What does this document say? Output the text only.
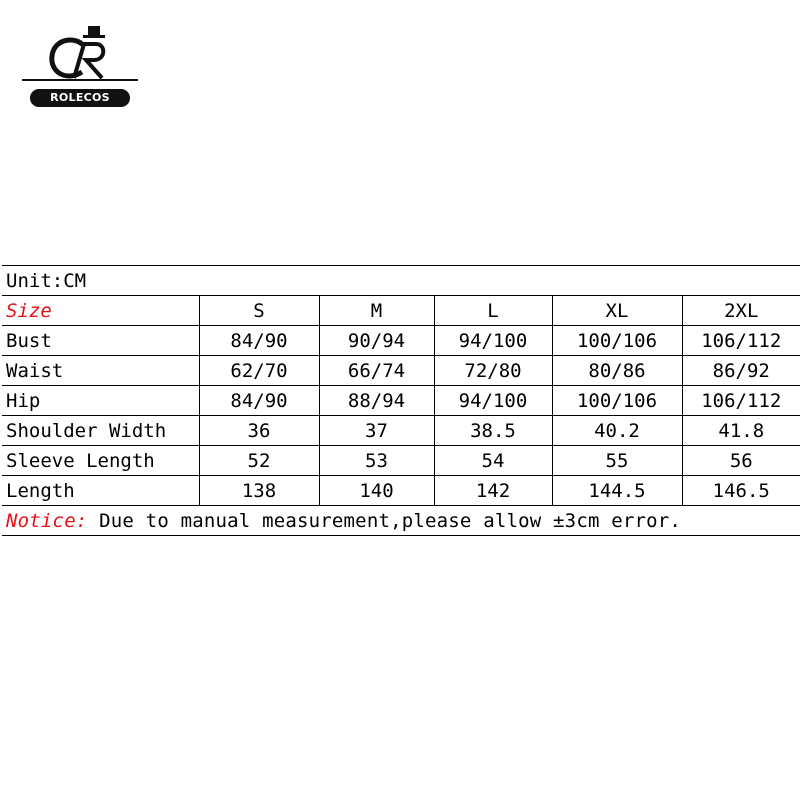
ROLECOS
Unit:CM					
Size	S	M	L	XL	2XL
Bust	84/90	90/94	94/100	100/106	106/112
Waist	62/70	66/74	72/80	80/86	86/92
Hip	84/90	88/94	94/100	100/106	106/112
Shoulder Width	36	37	38.5	40.2	41.8
Sleeve Length	52	53	54	55	56
Length	138	140	142	144.5	146.5
Notice: Due to manual measurement,please allow ±3cm error.					
